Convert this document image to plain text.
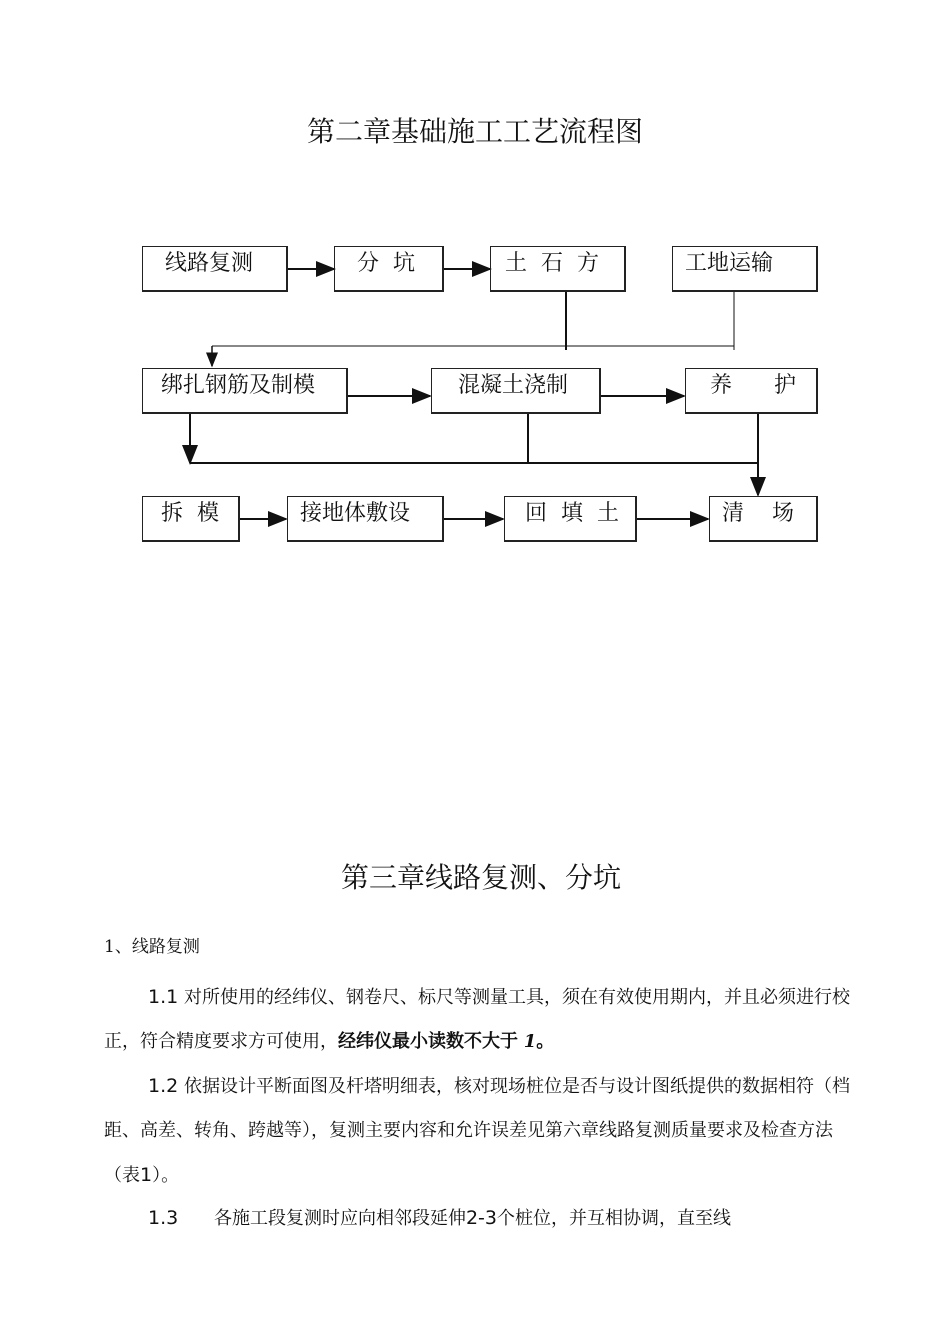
第二章基础施工工艺流程图
线路复测	分  坑	土  石  方	工地运输
绑扎钢筋及制模	混凝土浇制	养      护
拆  模	接地体敷设	回  填  土	清    场
第三章线路复测、分坑
1、线路复测
1.1 对所使用的经纬仪、钢卷尺、标尺等测量工具，须在有效使用期内，并且必须进行校正，符合精度要求方可使用，经纬仪最小读数不大于 1。
1.2 依据设计平断面图及杆塔明细表，核对现场桩位是否与设计图纸提供的数据相符（档距、高差、转角、跨越等），复测主要内容和允许误差见第六章线路复测质量要求及检查方法（表1）。
1.3 各施工段复测时应向相邻段延伸2-3个桩位，并互相协调，直至线
